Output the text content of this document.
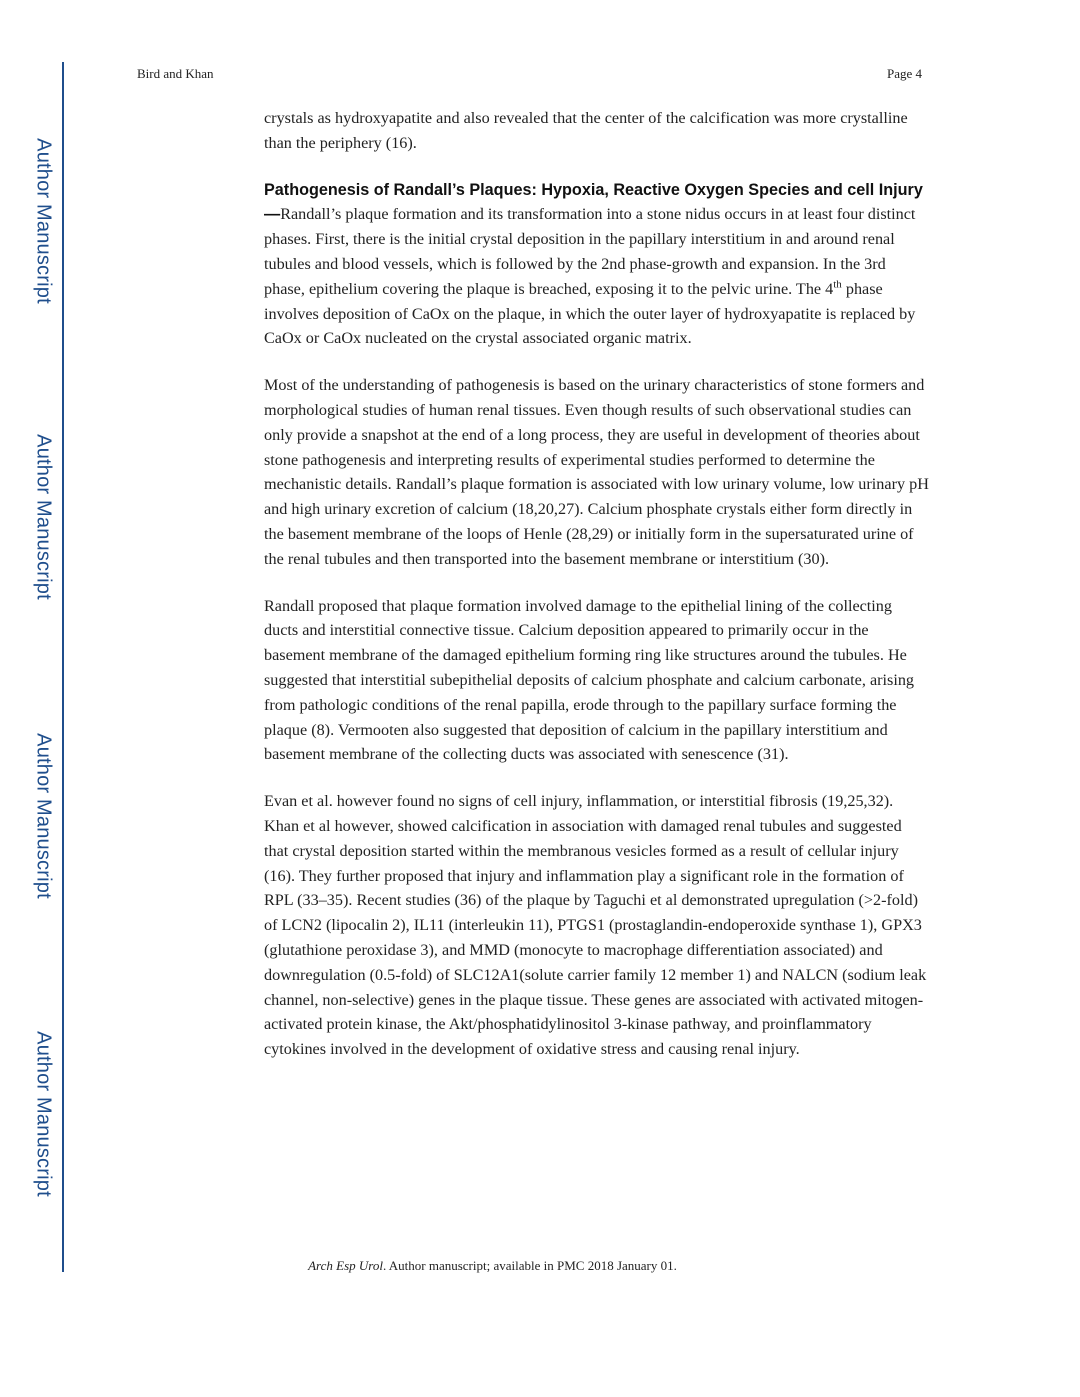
Author Manuscript
Author Manuscript
Author Manuscript
Author Manuscript
Bird and Khan	Page 4

crystals as hydroxyapatite and also revealed that the center of the calcification was more crystalline than the periphery (16).

Pathogenesis of Randall’s Plaques: Hypoxia, Reactive Oxygen Species and cell Injury—Randall’s plaque formation and its transformation into a stone nidus occurs in at least four distinct phases. First, there is the initial crystal deposition in the papillary interstitium in and around renal tubules and blood vessels, which is followed by the 2nd phase-growth and expansion. In the 3rd phase, epithelium covering the plaque is breached, exposing it to the pelvic urine. The 4th phase involves deposition of CaOx on the plaque, in which the outer layer of hydroxyapatite is replaced by CaOx or CaOx nucleated on the crystal associated organic matrix.

Most of the understanding of pathogenesis is based on the urinary characteristics of stone formers and morphological studies of human renal tissues. Even though results of such observational studies can only provide a snapshot at the end of a long process, they are useful in development of theories about stone pathogenesis and interpreting results of experimental studies performed to determine the mechanistic details. Randall’s plaque formation is associated with low urinary volume, low urinary pH and high urinary excretion of calcium (18,20,27). Calcium phosphate crystals either form directly in the basement membrane of the loops of Henle (28,29) or initially form in the supersaturated urine of the renal tubules and then transported into the basement membrane or interstitium (30).

Randall proposed that plaque formation involved damage to the epithelial lining of the collecting ducts and interstitial connective tissue. Calcium deposition appeared to primarily occur in the basement membrane of the damaged epithelium forming ring like structures around the tubules. He suggested that interstitial subepithelial deposits of calcium phosphate and calcium carbonate, arising from pathologic conditions of the renal papilla, erode through to the papillary surface forming the plaque (8). Vermooten also suggested that deposition of calcium in the papillary interstitium and basement membrane of the collecting ducts was associated with senescence (31).

Evan et al. however found no signs of cell injury, inflammation, or interstitial fibrosis (19,25,32). Khan et al however, showed calcification in association with damaged renal tubules and suggested that crystal deposition started within the membranous vesicles formed as a result of cellular injury (16). They further proposed that injury and inflammation play a significant role in the formation of RPL (33–35). Recent studies (36) of the plaque by Taguchi et al demonstrated upregulation (>2-fold) of LCN2 (lipocalin 2), IL11 (interleukin 11), PTGS1 (prostaglandin-endoperoxide synthase 1), GPX3 (glutathione peroxidase 3), and MMD (monocyte to macrophage differentiation associated) and downregulation (0.5-fold) of SLC12A1(solute carrier family 12 member 1) and NALCN (sodium leak channel, non-selective) genes in the plaque tissue. These genes are associated with activated mitogen-activated protein kinase, the Akt/phosphatidylinositol 3-kinase pathway, and proinflammatory cytokines involved in the development of oxidative stress and causing renal injury.

Arch Esp Urol. Author manuscript; available in PMC 2018 January 01.
